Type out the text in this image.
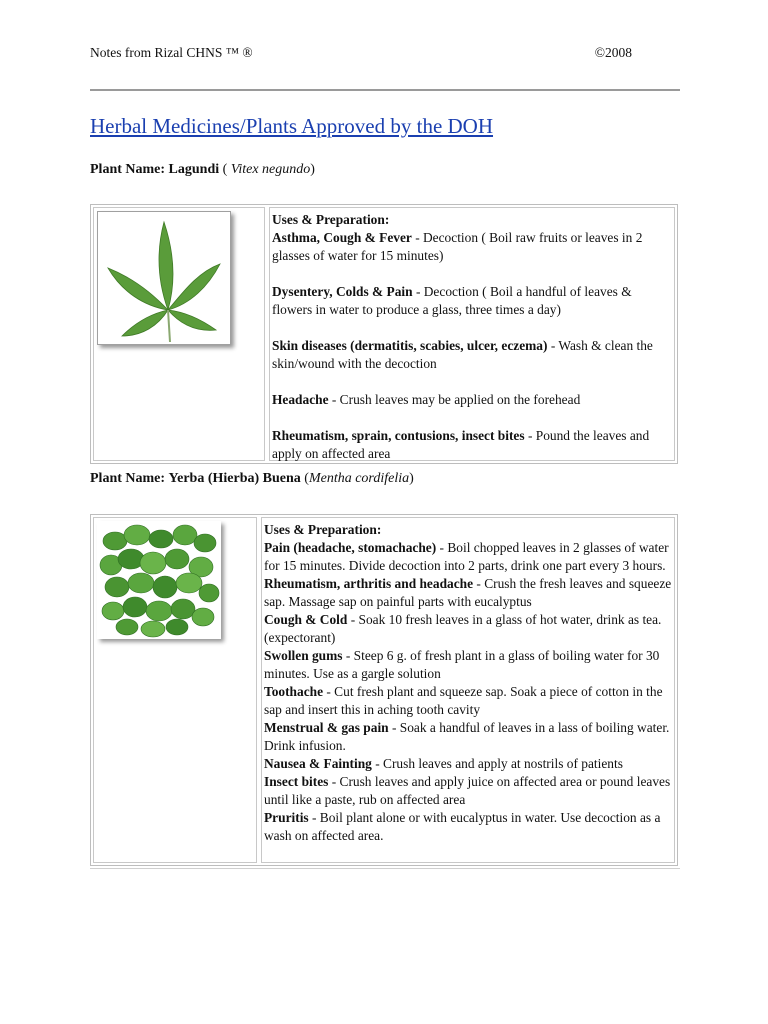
Notes from Rizal CHNS ™ ®	©2008
Herbal Medicines/Plants Approved by the DOH
Plant Name: Lagundi ( Vitex negundo)

Uses & Preparation:

Asthma, Cough & Fever - Decoction ( Boil raw fruits or leaves in 2 glasses of water for 15 minutes)

Dysentery, Colds & Pain - Decoction ( Boil a handful of leaves & flowers in water to produce a glass, three times a day)

Skin diseases (dermatitis, scabies, ulcer, eczema) - Wash & clean the skin/wound with the decoction

Headache - Crush leaves may be applied on the forehead

Rheumatism, sprain, contusions, insect bites - Pound the leaves and apply on affected area

Plant Name: Yerba (Hierba) Buena (Mentha cordifelia)

Uses & Preparation:

Pain (headache, stomachache) - Boil chopped leaves in 2 glasses of water for 15 minutes. Divide decoction into 2 parts, drink one part every 3 hours.

Rheumatism, arthritis and headache - Crush the fresh leaves and squeeze sap. Massage sap on painful parts with eucalyptus

Cough & Cold - Soak 10 fresh leaves in a glass of hot water, drink as tea. (expectorant)

Swollen gums - Steep 6 g. of fresh plant in a glass of boiling water for 30 minutes. Use as a gargle solution

Toothache - Cut fresh plant and squeeze sap. Soak a piece of cotton in the sap and insert this in aching tooth cavity

Menstrual & gas pain - Soak a handful of leaves in a lass of boiling water. Drink infusion.

Nausea & Fainting - Crush leaves and apply at nostrils of patients

Insect bites - Crush leaves and apply juice on affected area or pound leaves until like a paste, rub on affected area

Pruritis - Boil plant alone or with eucalyptus in water. Use decoction as a wash on affected area.
